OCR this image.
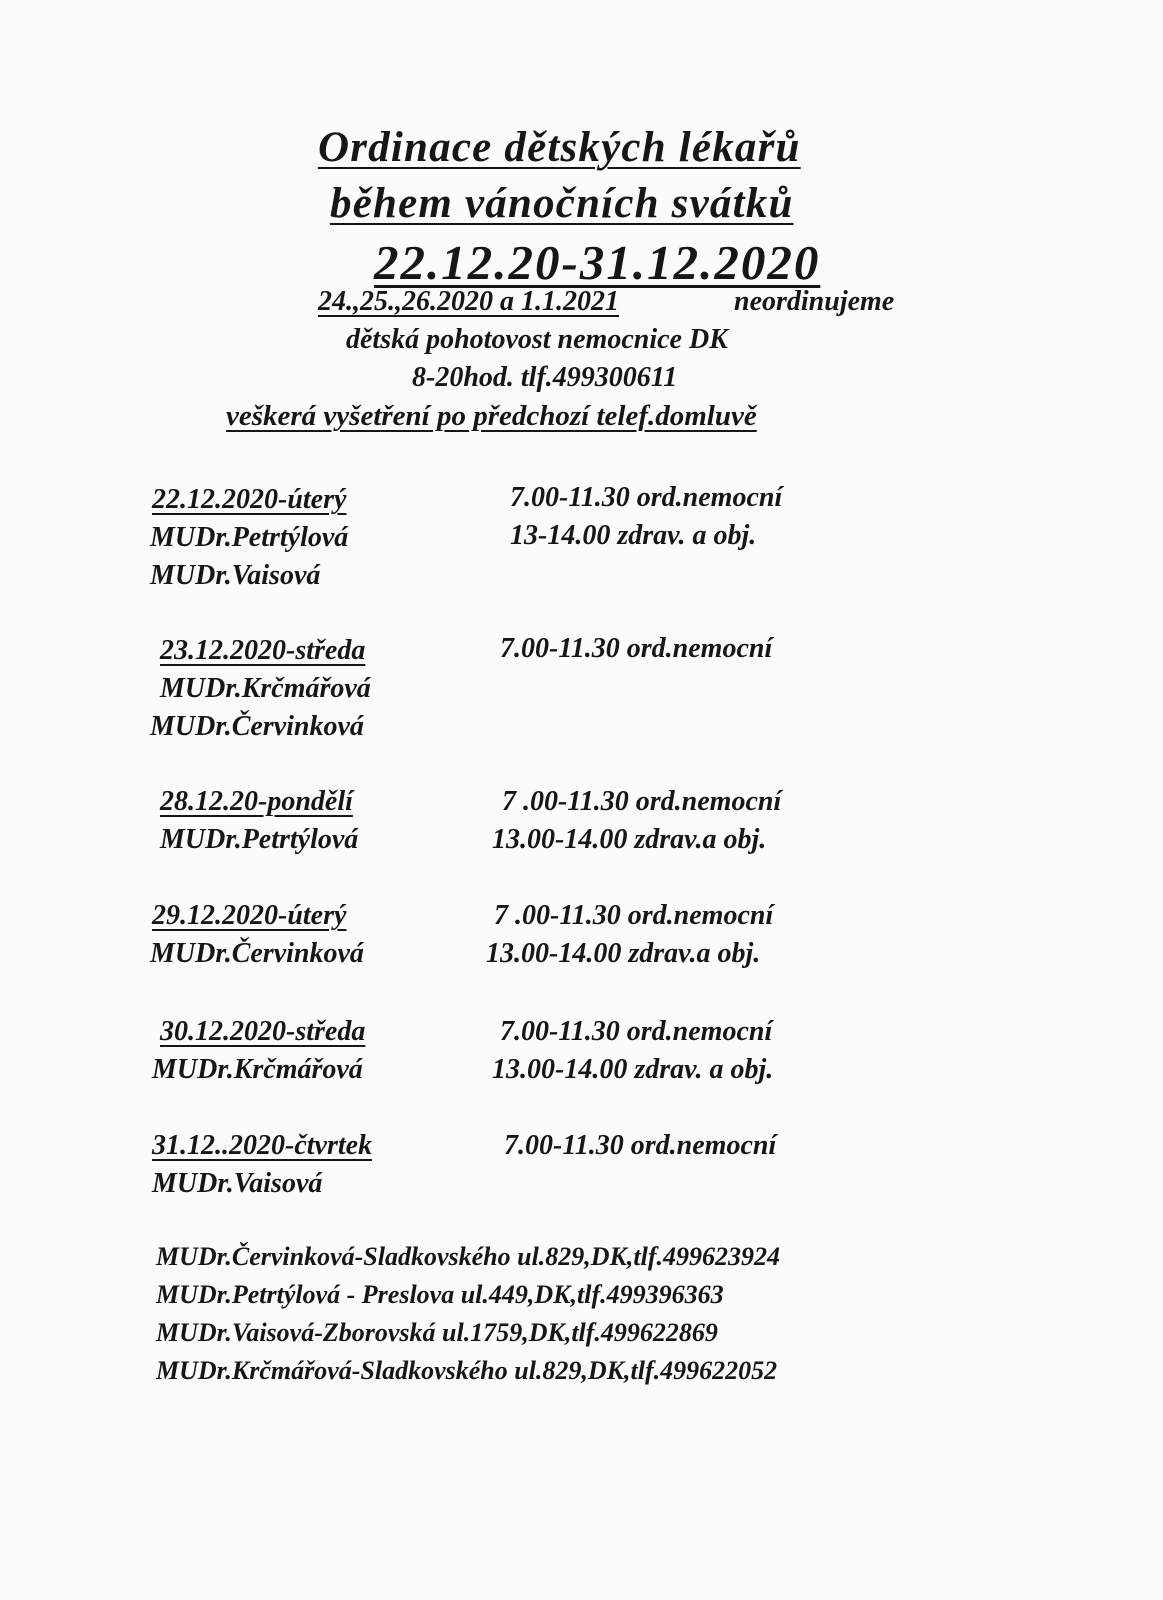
Ordinace dětských lékařů
během vánočních svátků
22.12.20-31.12.2020
24.,25.,26.2020 a 1.1.2021	neordinujeme
dětská pohotovost nemocnice DK
8-20hod. tlf.499300611
veškerá vyšetření po předchozí telef.domluvě
22.12.2020-úterý
MUDr.Petrtýlová
MUDr.Vaisová
7.00-11.30 ord.nemocní
13-14.00 zdrav. a obj.
23.12.2020-středa
MUDr.Krčmářová
MUDr.Červinková
7.00-11.30 ord.nemocní
28.12.20-pondělí
MUDr.Petrtýlová
7 .00-11.30 ord.nemocní
13.00-14.00 zdrav.a obj.
29.12.2020-úterý
MUDr.Červinková
7 .00-11.30 ord.nemocní
13.00-14.00 zdrav.a obj.
30.12.2020-středa
MUDr.Krčmářová
7.00-11.30 ord.nemocní
13.00-14.00 zdrav. a obj.
31.12..2020-čtvrtek
MUDr.Vaisová
7.00-11.30 ord.nemocní
MUDr.Červinková-Sladkovského ul.829,DK,tlf.499623924
MUDr.Petrtýlová - Preslova ul.449,DK,tlf.499396363
MUDr.Vaisová-Zborovská ul.1759,DK,tlf.499622869
MUDr.Krčmářová-Sladkovského ul.829,DK,tlf.499622052
